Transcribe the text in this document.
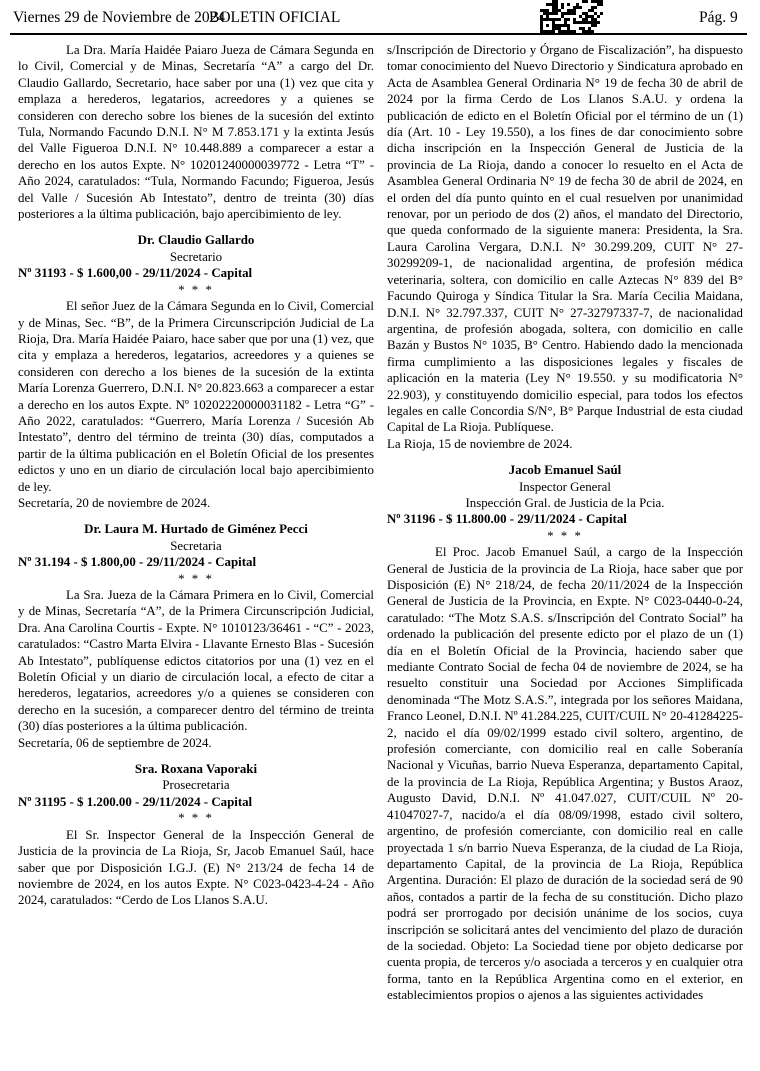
Viernes 29 de Noviembre de 2024
BOLETIN OFICIAL	Pág. 9

La Dra. María Haidée Paiaro Jueza de Cámara Segunda en lo Civil, Comercial y de Minas, Secretaría “A” a cargo del Dr. Claudio Gallardo, Secretario, hace saber por una (1) vez que cita y emplaza a herederos, legatarios, acreedores y a quienes se consideren con derecho sobre los bienes de la sucesión del extinto Tula, Normando Facundo D.N.I. N° M 7.853.171 y la extinta Jesús del Valle Figueroa D.N.I. N° 10.448.889 a comparecer a estar a derecho en los autos Expte. N° 10201240000039772 - Letra “T” - Año 2024, caratulados: “Tula, Normando Facundo; Figueroa, Jesús del Valle / Sucesión Ab Intestato”, dentro de treinta (30) días posteriores a la última publicación, bajo apercibimiento de ley.

Dr. Claudio Gallardo
Secretario

Nº 31193 - $ 1.600,00 - 29/11/2024 - Capital

* * *

El señor Juez de la Cámara Segunda en lo Civil, Comercial y de Minas, Sec. “B”, de la Primera Circunscripción Judicial de La Rioja, Dra. María Haidée Paiaro, hace saber que por una (1) vez, que cita y emplaza a herederos, legatarios, acreedores y a quienes se consideren con derecho a los bienes de la sucesión de la extinta María Lorenza Guerrero, D.N.I. N° 20.823.663 a comparecer a estar a derecho en los autos Expte. Nº 10202220000031182 - Letra “G” - Año 2022, caratulados: “Guerrero, María Lorenza / Sucesión Ab Intestato”, dentro del término de treinta (30) días, computados a partir de la última publicación en el Boletín Oficial de los presentes edictos y uno en un diario de circulación local bajo apercibimiento de ley.

Secretaría, 20 de noviembre de 2024.

Dr. Laura M. Hurtado de Giménez Pecci
Secretaria

Nº 31.194 - $ 1.800,00 - 29/11/2024 - Capital

* * *

La Sra. Jueza de la Cámara Primera en lo Civil, Comercial y de Minas, Secretaría “A”, de la Primera Circunscripción Judicial, Dra. Ana Carolina Courtis - Expte. N° 1010123/36461 - “C” - 2023, caratulados: “Castro Marta Elvira - Llavante Ernesto Blas - Sucesión Ab Intestato”, publíquense edictos citatorios por una (1) vez en el Boletín Oficial y un diario de circulación local, a efecto de citar a herederos, legatarios, acreedores y/o a quienes se consideren con derecho en la sucesión, a comparecer dentro del término de treinta (30) días posteriores a la última publicación.

Secretaría, 06 de septiembre de 2024.

Sra. Roxana Vaporaki
Prosecretaria

Nº 31195 - $ 1.200.00 - 29/11/2024 - Capital

* * *

El Sr. Inspector General de la Inspección General de Justicia de la provincia de La Rioja, Sr, Jacob Emanuel Saúl, hace saber que por Disposición I.G.J. (E) N° 213/24 de fecha 14 de noviembre de 2024, en los autos Expte. N° C023-0423-4-24 - Año 2024, caratulados: “Cerdo de Los Llanos S.A.U.

s/Inscripción de Directorio y Órgano de Fiscalización”, ha dispuesto tomar conocimiento del Nuevo Directorio y Sindicatura aprobado en Acta de Asamblea General Ordinaria N° 19 de fecha 30 de abril de 2024 por la firma Cerdo de Los Llanos S.A.U. y ordena la publicación de edicto en el Boletín Oficial por el término de un (1) día (Art. 10 - Ley 19.550), a los fines de dar conocimiento sobre dicha inscripción en la Inspección General de Justicia de la provincia de La Rioja, dando a conocer lo resuelto en el Acta de Asamblea General Ordinaria N° 19 de fecha 30 de abril de 2024, en el orden del día punto quinto en el cual resuelven por unanimidad renovar, por un periodo de dos (2) años, el mandato del Directorio, que queda conformado de la siguiente manera: Presidenta, la Sra. Laura Carolina Vergara, D.N.I. N° 30.299.209, CUIT N° 27-30299209-1, de nacionalidad argentina, de profesión médica veterinaria, soltera, con domicilio en calle Aztecas N° 839 del B° Facundo Quiroga y Síndica Titular la Sra. María Cecilia Maidana, D.N.I. N° 32.797.337, CUIT N° 27-32797337-7, de nacionalidad argentina, de profesión abogada, soltera, con domicilio en calle Bazán y Bustos N° 1035, B° Centro. Habiendo dado la mencionada firma cumplimiento a las disposiciones legales y fiscales de aplicación en la materia (Ley N° 19.550. y su modificatoria N° 22.903), y constituyendo domicilio especial, para todos los efectos legales en calle Concordia S/N°, B° Parque Industrial de esta ciudad Capital de La Rioja. Publíquese.

La Rioja, 15 de noviembre de 2024.

Jacob Emanuel Saúl
Inspector General
Inspección Gral. de Justicia de la Pcia.

Nº 31196 - $ 11.800.00 - 29/11/2024 - Capital

* * *

El Proc. Jacob Emanuel Saúl, a cargo de la Inspección General de Justicia de la provincia de La Rioja, hace saber que por Disposición (E) N° 218/24, de fecha 20/11/2024 de la Inspección General de Justicia de la Provincia, en Expte. N° C023-0440-0-24, caratulado: “The Motz S.A.S. s/Inscripción del Contrato Social” ha ordenado la publicación del presente edicto por el plazo de un (1) día en el Boletín Oficial de la Provincia, haciendo saber que mediante Contrato Social de fecha 04 de noviembre de 2024, se ha resuelto constituir una Sociedad por Acciones Simplificada denominada “The Motz S.A.S.”, integrada por los señores Maidana, Franco Leonel, D.N.I. Nº 41.284.225, CUIT/CUIL N° 20-41284225-2, nacido el día 09/02/1999 estado civil soltero, argentino, de profesión comerciante, con domicilio real en calle Soberanía Nacional y Vicuñas, barrio Nueva Esperanza, departamento Capital, de la provincia de La Rioja, República Argentina; y Bustos Araoz, Augusto David, D.N.I. Nº 41.047.027, CUIT/CUIL Nº 20-41047027-7, nacido/a el día 08/09/1998, estado civil soltero, argentino, de profesión comerciante, con domicilio real en calle proyectada 1 s/n barrio Nueva Esperanza, de la ciudad de La Rioja, departamento Capital, de la provincia de La Rioja, República Argentina. Duración: El plazo de duración de la sociedad será de 90 años, contados a partir de la fecha de su constitución. Dicho plazo podrá ser prorrogado por decisión unánime de los socios, cuya inscripción se solicitará antes del vencimiento del plazo de duración de la sociedad. Objeto: La Sociedad tiene por objeto dedicarse por cuenta propia, de terceros y/o asociada a terceros y en cualquier otra forma, tanto en la República Argentina como en el exterior, en establecimientos propios o ajenos a las siguientes actividades
